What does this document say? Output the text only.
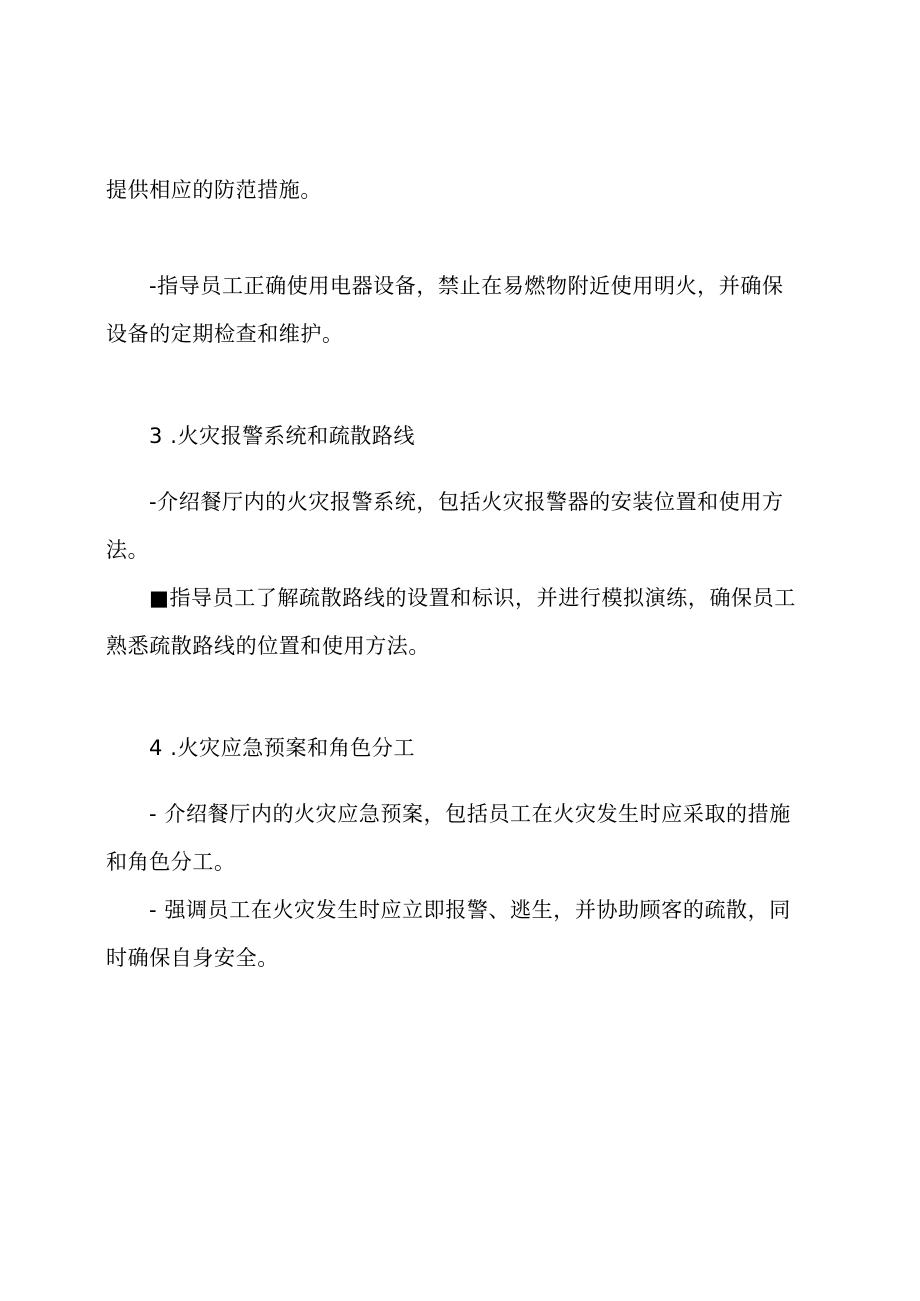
提供相应的防范措施。
-指导员工正确使用电器设备，禁止在易燃物附近使用明火，并确保
设备的定期检查和维护。
3 .火灾报警系统和疏散路线
-介绍餐厅内的火灾报警系统，包括火灾报警器的安装位置和使用方
法。
■指导员工了解疏散路线的设置和标识，并进行模拟演练，确保员工
熟悉疏散路线的位置和使用方法。
4 .火灾应急预案和角色分工
- 介绍餐厅内的火灾应急预案，包括员工在火灾发生时应采取的措施
和角色分工。
- 强调员工在火灾发生时应立即报警、逃生，并协助顾客的疏散，同
时确保自身安全。
